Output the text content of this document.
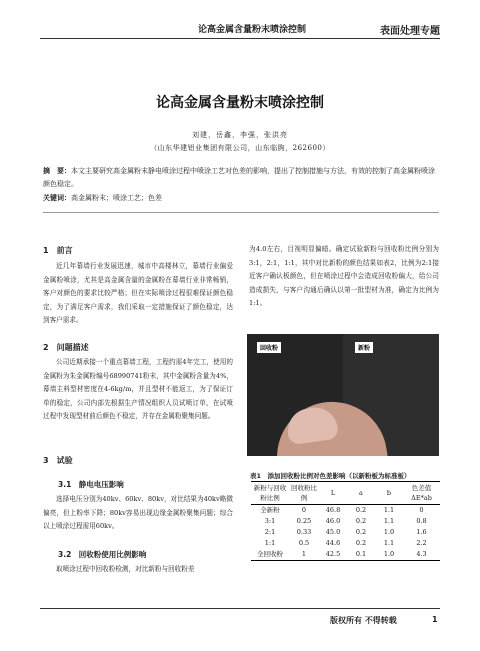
论高金属含量粉末喷涂控制	表面处理专题
论高金属含量粉末喷涂控制
刘建，岳鑫，李强，张洪亮
（山东华建铝业集团有限公司，山东临朐，262600）
摘　要：本文主要研究高金属粉末静电喷涂过程中喷涂工艺对色差的影响，提出了控制措施与方法，有效的控制了高金属粉喷涂颜色稳定。
关键词：高金属粉末；喷涂工艺；色差
1　前言

近几年幕墙行业发展迅速，城市中高楼林立，幕墙行业偏爱金属粉喷涂，尤其是高金属含量的金属粉在幕墙行业非常畅销，客户对颜色的要求比较严格；但在实际喷涂过程很难保证颜色稳定，为了满足客户需求，我们采取一定措施保证了颜色稳定，达到客户需求。

2　问题描述

公司近期承接一个重点幕墙工程，工程约需4年完工，使用的金属粉为朱金属粉编号68990741粉末，其中金属粉含量为4%，幕墙主料型材密度在4-6kg/m，并且型材不能返工，为了保证订单的稳定，公司内部先根据生产情况组织人员试喷订单，在试喷过程中发现型材前后颜色不稳定，并存在金属粉聚集问题。

3　试验
3.1　静电电压影响

选择电压分别为40kv、60kv、80kv，对比结果为40kv略微偏亮，但上粉率下降；80kv容易出现边缘金属粉聚集问题；综合以上喷涂过程需用60kv。

3.2　回收粉使用比例影响

取喷涂过程中回收粉检测，对比新粉与回收粉差

为4.0左右，目视明显偏暗。确定试验新粉与回收粉比例分别为3:1，2:1，1:1，其中对比新粉的颜色结果如表2，比例为2:1接近客户确认板颜色，但在喷涂过程中会造成回收粉偏大，给公司造成损失，与客户沟通后确认以第一批型材为准，确定为比例为1:1。

回收粉	新粉
表1　添加回收粉比例对色差影响（以新粉板为标准板）
新粉与回收粉比例	回收粉比例	L	a	b	色差值ΔE*ab
全新粉	0	46.8	0.2	1.1	0
3:1	0.25	46.0	0.2	1.1	0.8
2:1	0.33	45.0	0.2	1.0	1.6
1:1	0.5	44.6	0.2	1.1	2.2
全回收粉	1	42.5	0.1	1.0	4.3
版权所有 不得转载	1
